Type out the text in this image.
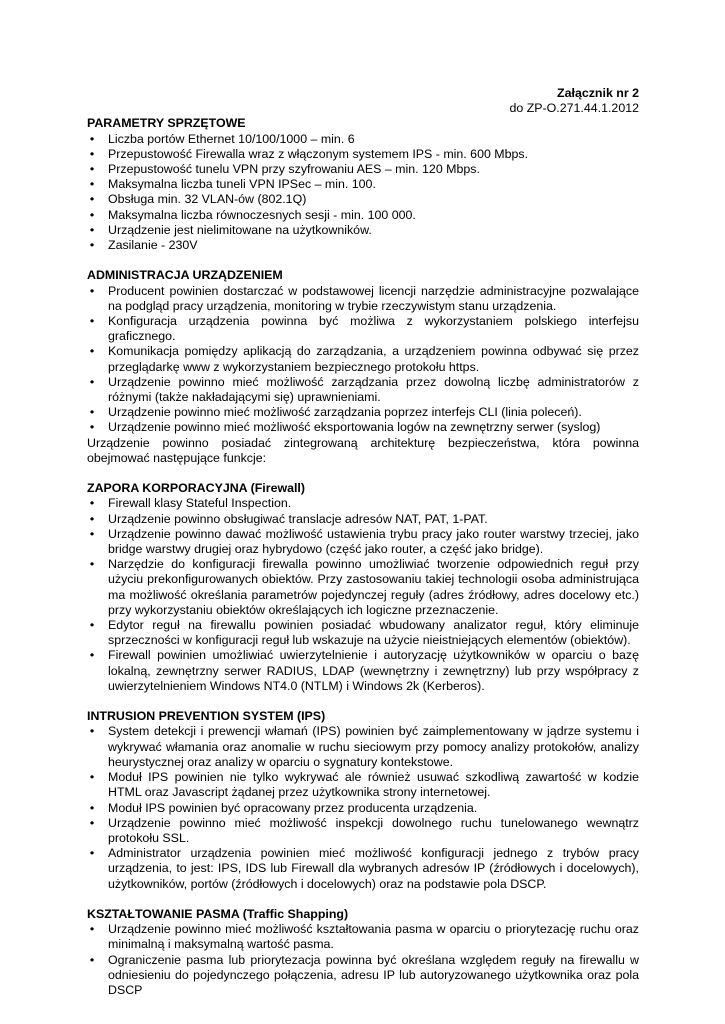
Załącznik nr 2
do ZP-O.271.44.1.2012
PARAMETRY SPRZĘTOWE
• Liczba portów Ethernet 10/100/1000 – min. 6
• Przepustowość Firewalla wraz z włączonym systemem IPS - min. 600 Mbps.
• Przepustowość tunelu VPN przy szyfrowaniu AES – min. 120 Mbps.
• Maksymalna liczba tuneli VPN IPSec – min. 100.
• Obsługa min. 32 VLAN-ów (802.1Q)
• Maksymalna liczba równoczesnych sesji - min. 100 000.
• Urządzenie jest nielimitowane na użytkowników.
• Zasilanie - 230V
ADMINISTRACJA URZĄDZENIEM
• Producent powinien dostarczać w podstawowej licencji narzędzie administracyjne pozwalające na podgląd pracy urządzenia, monitoring w trybie rzeczywistym stanu urządzenia.
• Konfiguracja urządzenia powinna być możliwa z wykorzystaniem polskiego interfejsu graficznego.
• Komunikacja pomiędzy aplikacją do zarządzania, a urządzeniem powinna odbywać się przez przeglądarkę www z wykorzystaniem bezpiecznego protokołu https.
• Urządzenie powinno mieć możliwość zarządzania przez dowolną liczbę administratorów z różnymi (także nakładającymi się) uprawnieniami.
• Urządzenie powinno mieć możliwość zarządzania poprzez interfejs CLI (linia poleceń).
• Urządzenie powinno mieć możliwość eksportowania logów na zewnętrzny serwer (syslog)

Urządzenie powinno posiadać zintegrowaną architekturę bezpieczeństwa, która powinna obejmować następujące funkcje:

ZAPORA KORPORACYJNA (Firewall)
• Firewall klasy Stateful Inspection.
• Urządzenie powinno obsługiwać translacje adresów NAT, PAT, 1-PAT.
• Urządzenie powinno dawać możliwość ustawienia trybu pracy jako router warstwy trzeciej, jako bridge warstwy drugiej oraz hybrydowo (część jako router, a część jako bridge).
• Narzędzie do konfiguracji firewalla powinno umożliwiać tworzenie odpowiednich reguł przy użyciu prekonfigurowanych obiektów. Przy zastosowaniu takiej technologii osoba administrująca ma możliwość określania parametrów pojedynczej reguły (adres źródłowy, adres docelowy etc.) przy wykorzystaniu obiektów określających ich logiczne przeznaczenie.
• Edytor reguł na firewallu powinien posiadać wbudowany analizator reguł, który eliminuje sprzeczności w konfiguracji reguł lub wskazuje na użycie nieistniejących elementów (obiektów).
• Firewall powinien umożliwiać uwierzytelnienie i autoryzację użytkowników w oparciu o bazę lokalną, zewnętrzny serwer RADIUS, LDAP (wewnętrzny i zewnętrzny) lub przy współpracy z uwierzytelnieniem Windows NT4.0 (NTLM) i Windows 2k (Kerberos).
INTRUSION PREVENTION SYSTEM (IPS)
• System detekcji i prewencji włamań (IPS) powinien być zaimplementowany w jądrze systemu i wykrywać włamania oraz anomalie w ruchu sieciowym przy pomocy analizy protokołów, analizy heurystycznej oraz analizy w oparciu o sygnatury kontekstowe.
• Moduł IPS powinien nie tylko wykrywać ale również usuwać szkodliwą zawartość w kodzie HTML oraz Javascript żądanej przez użytkownika strony internetowej.
• Moduł IPS powinien być opracowany przez producenta urządzenia.
• Urządzenie powinno mieć możliwość inspekcji dowolnego ruchu tunelowanego wewnątrz protokołu SSL.
• Administrator urządzenia powinien mieć możliwość konfiguracji jednego z trybów pracy urządzenia, to jest: IPS, IDS lub Firewall dla wybranych adresów IP (źródłowych i docelowych), użytkowników, portów (źródłowych i docelowych) oraz na podstawie pola DSCP.
KSZTAŁTOWANIE PASMA (Traffic Shapping)
• Urządzenie powinno mieć możliwość kształtowania pasma w oparciu o priorytezację ruchu oraz minimalną i maksymalną wartość pasma.
• Ograniczenie pasma lub priorytezacja powinna być określana względem reguły na firewallu w odniesieniu do pojedynczego połączenia, adresu IP lub autoryzowanego użytkownika oraz pola DSCP
